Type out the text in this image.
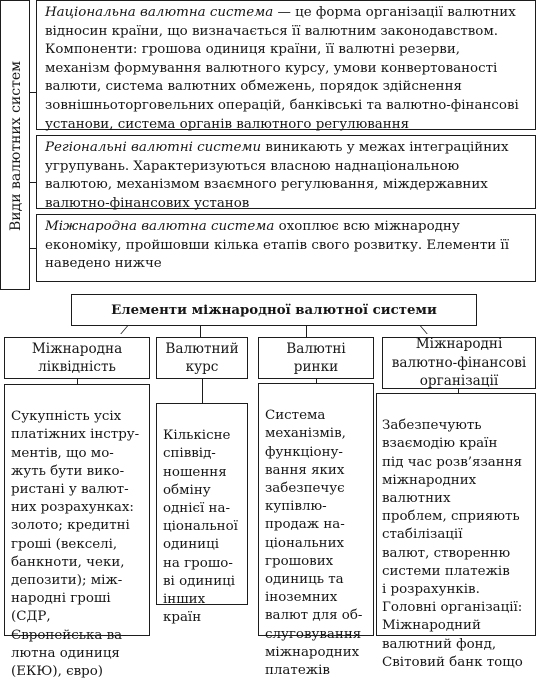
Види валютних систем
Національна валютна система — це форма організації валютних відносин країни, що визначається її валютним законодавством. Компоненти: грошова одиниця країни, її валютні резерви, механізм формування валютного курсу, умови конвертованості валюти, система валютних обмежень, порядок здійснення зовнішньоторговельних операцій, банківські та валютно-фінансові установи, система органів валютного регулювання
Регіональні валютні системи виникають у межах інтеграційних угрупувань. Характеризуються власною наднаціональною валютою, механізмом взаємного регулювання, міждержавних валютно-фінансових установ
Міжнародна валютна система охоплює всю міжнародну економіку, пройшовши кілька етапів свого розвитку. Елементи її наведено нижче
Елементи міжнародної валютної системи
Міжнародна ліквідність

Сукупність усіх
платіжних інстру-
ментів, що мо-
жуть бути вико-
ристані у валют-
них розрахунках:
золото; кредитні
гроші (векселі,
банкноти, чеки,
депозити); між-
народні гроші (СДР,
Європейська ва-
лютна одиниця
(ЕКЮ), євро)

Валютний курс

Кількісне
співвід-
ношення
обміну
однієї на-
ціональної
одиниці
на грошо-
ві одиниці
інших
країн

Валютні ринки

Система
механізмів,
функціону-
вання яких
забезпечує
купівлю-
продаж на-
ціональних
грошових
одиниць та
іноземних
валют для об-
слуговування
міжнародних
платежів

Міжнародні валютно-фінансові організації

Забезпечують
взаємодію країн
під час розв’язання
міжнародних
валютних
проблем, сприяють
стабілізації
валют, створенню
системи платежів
і розрахунків.
Головні організації:
Міжнародний
валютний фонд,
Світовий банк тощо
